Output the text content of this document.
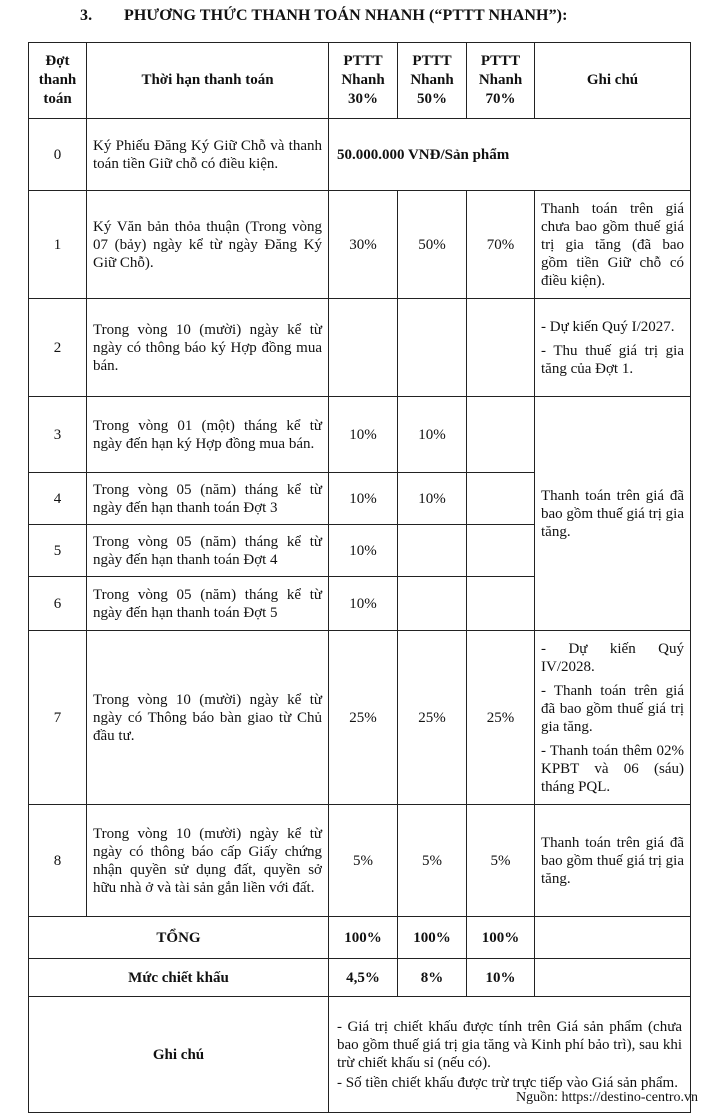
3. PHƯƠNG THỨC THANH TOÁN NHANH (“PTTT NHANH”):
Đợt thanh toán	Thời hạn thanh toán	PTTT Nhanh 30%	PTTT Nhanh 50%	PTTT Nhanh 70%	Ghi chú
0	Ký Phiếu Đăng Ký Giữ Chỗ và thanh toán tiền Giữ chỗ có điều kiện.	50.000.000 VNĐ/Sản phẩm			
1	Ký Văn bản thỏa thuận (Trong vòng 07 (bảy) ngày kể từ ngày Đăng Ký Giữ Chỗ).	30%	50%	70%	Thanh toán trên giá chưa bao gồm thuế giá trị gia tăng (đã bao gồm tiền Giữ chỗ có điều kiện).
2	Trong vòng 10 (mười) ngày kể từ ngày có thông báo ký Hợp đồng mua bán.				- Dự kiến Quý I/2027.

- Thu thuế giá trị gia tăng của Đợt 1.

3	Trong vòng 01 (một) tháng kể từ ngày đến hạn ký Hợp đồng mua bán.	10%	10%		Thanh toán trên giá đã bao gồm thuế giá trị gia tăng.
4	Trong vòng 05 (năm) tháng kể từ ngày đến hạn thanh toán Đợt 3	10%	10%		
5	Trong vòng 05 (năm) tháng kể từ ngày đến hạn thanh toán Đợt 4	10%			
6	Trong vòng 05 (năm) tháng kể từ ngày đến hạn thanh toán Đợt 5	10%			
7	Trong vòng 10 (mười) ngày kể từ ngày có Thông báo bàn giao từ Chủ đầu tư.	25%	25%	25%	- Dự kiến Quý IV/2028.

- Thanh toán trên giá đã bao gồm thuế giá trị gia tăng.

- Thanh toán thêm 02% KPBT và 06 (sáu) tháng PQL.

8	Trong vòng 10 (mười) ngày kể từ ngày có thông báo cấp Giấy chứng nhận quyền sử dụng đất, quyền sở hữu nhà ở và tài sản gắn liền với đất.	5%	5%	5%	Thanh toán trên giá đã bao gồm thuế giá trị gia tăng.
TỔNG		100%	100%	100%	
Mức chiết khấu		4,5%	8%	10%	
Ghi chú		- Giá trị chiết khấu được tính trên Giá sản phẩm (chưa bao gồm thuế giá trị gia tăng và Kinh phí bảo trì), sau khi trừ chiết khấu sỉ (nếu có).

- Số tiền chiết khấu được trừ trực tiếp vào Giá sản phẩm.			

Nguồn: https://destino-centro.vn
